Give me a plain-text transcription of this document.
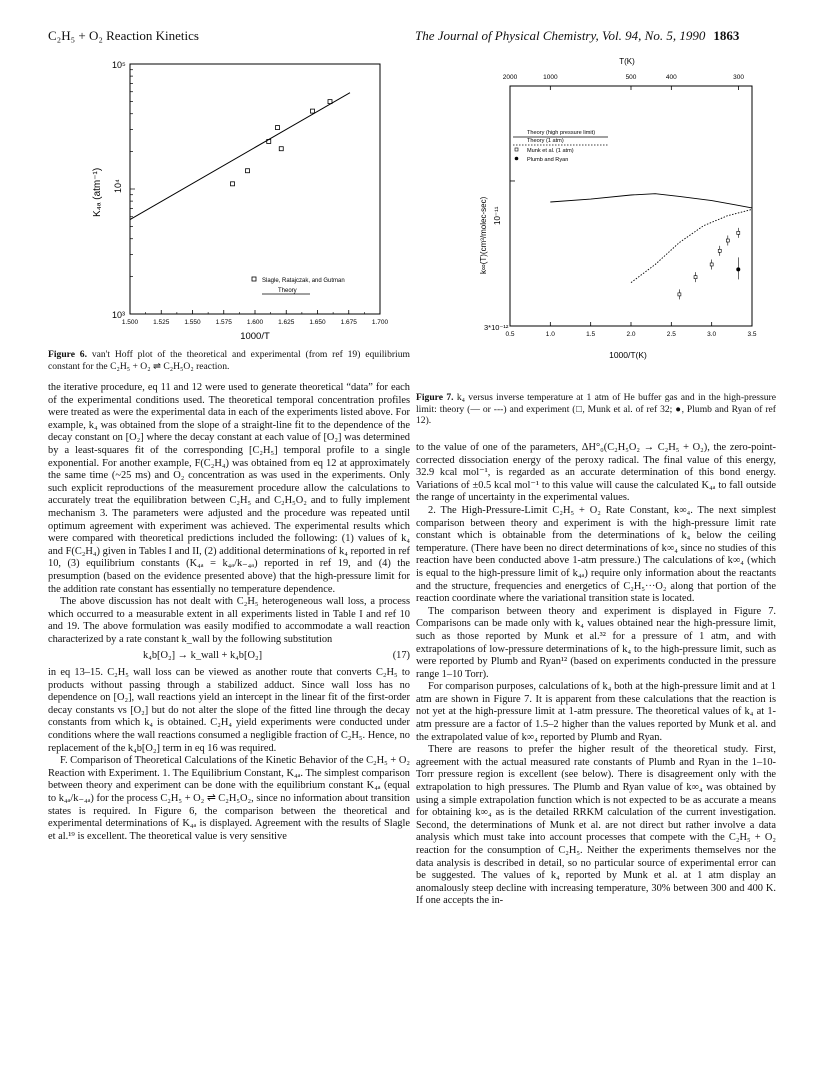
C₂H₅ + O₂ Reaction Kinetics	The Journal of Physical Chemistry, Vol. 94, No. 5, 1990 1863
1.500 1.525 1.550 1.575 1.600 1.625 1.650 1.675 1.700
10⁵
10⁴
10³
K₄ₐ (atm⁻¹)
1000/T
Slagle, Ratajczak, and Gutman
Theory
Figure 6. van't Hoff plot of the theoretical and experimental (from ref 19) equilibrium constant for the C₂H₅ + O₂ ⇌ C₂H₅O₂ reaction.
0.5	1.0	1.5	2.0	2.5	3.0	3.5
2000	1000	500	400	300
T(K)
10⁻¹¹
3*10⁻¹²
k∞(T)(cm³/molec-sec)
1000/T(K)
Theory (high pressure limit)
Theory (1 atm)
Munk et al. (1 atm)
Plumb and Ryan
Figure 7. k₄ versus inverse temperature at 1 atm of He buffer gas and in the high-pressure limit: theory (— or ---) and experiment (□, Munk et al. of ref 32; ●, Plumb and Ryan of ref 12).

the iterative procedure, eq 11 and 12 were used to generate theoretical “data” for each of the experimental conditions used. The theoretical temporal concentration profiles were treated as were the experimental data in each of the experiments listed above. For example, k₄ was obtained from the slope of a straight-line fit to the dependence of the decay constant on [O₂] where the decay constant at each value of [O₂] was determined by a least-squares fit of the corresponding [C₂H₅] temporal profile to a single exponential. For another example, F(C₂H₄) was obtained from eq 12 at approximately the same time (~25 ms) and O₂ concentration as was used in the experiments. Only such explicit reproductions of the measurement procedure allow the calculations to accurately treat the equilibration between C₂H₅ and C₂H₅O₂ and to fully implement mechanism 3. The parameters were adjusted and the procedure was repeated until optimum agreement with experiment was achieved. The experimental results which were compared with theoretical predictions included the following: (1) values of k₄ and F(C₂H₄) given in Tables I and II, (2) additional determinations of k₄ reported in ref 10, (3) equilibrium constants (K₄ₐ = k₄ₐ/k₋₄ₐ) reported in ref 19, and (4) the presumption (based on the evidence presented above) that the high-pressure limit for the addition rate constant has essentially no temperature dependence.

The above discussion has not dealt with C₂H₅ heterogeneous wall loss, a process which occurred to a measurable extent in all experiments listed in Table I and ref 10 and 19. The above formulation was easily modified to accommodate a wall reaction characterized by a rate constant k_wall by the following substitution

k₄b[O₂] → k_wall + k₄b[O₂]	(17)

in eq 13–15. C₂H₅ wall loss can be viewed as another route that converts C₂H₅ to products without passing through a stabilized adduct. Since wall loss has no dependence on [O₂], wall reactions yield an intercept in the linear fit of the first-order decay constants vs [O₂] but do not alter the slope of the fitted line through the decay constants from which k₄ is obtained. C₂H₄ yield experiments were conducted under conditions where the wall reactions consumed a negligible fraction of C₂H₅. Hence, no replacement of the k₄b[O₂] term in eq 16 was required.

F. Comparison of Theoretical Calculations of the Kinetic Behavior of the C₂H₅ + O₂ Reaction with Experiment. 1. The Equilibrium Constant, K₄ₐ. The simplest comparison between theory and experiment can be done with the equilibrium constant K₄ₐ (equal to k₄ₐ/k₋₄ₐ) for the process C₂H₅ + O₂ ⇌ C₂H₅O₂, since no information about transition states is required. In Figure 6, the comparison between the theoretical and experimental determinations of K₄ₐ is displayed. Agreement with the results of Slagle et al.¹⁹ is excellent. The theoretical value is very sensitive

to the value of one of the parameters, ΔH°₀(C₂H₅O₂ → C₂H₅ + O₂), the zero-point-corrected dissociation energy of the peroxy radical. The final value of this energy, 32.9 kcal mol⁻¹, is regarded as an accurate determination of this bond energy. Variations of ±0.5 kcal mol⁻¹ to this value will cause the calculated K₄ₐ to fall outside the range of uncertainty in the experimental values.

2. The High-Pressure-Limit C₂H₅ + O₂ Rate Constant, k∞₄. The next simplest comparison between theory and experiment is with the high-pressure limit rate constant which is obtainable from the determinations of k₄ below the ceiling temperature. (There have been no direct determinations of k∞₄ since no studies of this reaction have been conducted above 1-atm pressure.) The calculations of k∞₄ (which is equal to the high-pressure limit of k₄ₐ) require only information about the reactants and the structure, frequencies and energetics of C₂H₅···O₂ along that portion of the reaction coordinate where the variational transition state is located.

The comparison between theory and experiment is displayed in Figure 7. Comparisons can be made only with k₄ values obtained near the high-pressure limit, such as those reported by Munk et al.³² for a pressure of 1 atm, and with extrapolations of low-pressure determinations of k₄ to the high-pressure limit, such as were reported by Plumb and Ryan¹² (based on experiments conducted in the pressure range 1–10 Torr).

For comparison purposes, calculations of k₄ both at the high-pressure limit and at 1 atm are shown in Figure 7. It is apparent from these calculations that the reaction is not yet at the high-pressure limit at 1-atm pressure. The theoretical values of k₄ at 1-atm pressure are a factor of 1.5–2 higher than the values reported by Munk et al. and the extrapolated value of k∞₄ reported by Plumb and Ryan.

There are reasons to prefer the higher result of the theoretical study. First, agreement with the actual measured rate constants of Plumb and Ryan in the 1–10-Torr pressure region is excellent (see below). There is disagreement only with the extrapolation to high pressures. The Plumb and Ryan value of k∞₄ was obtained by using a simple extrapolation function which is not expected to be as accurate a means for obtaining k∞₄ as is the detailed RRKM calculation of the current investigation. Second, the determinations of Munk et al. are not direct but rather involve a data analysis which must take into account processes that compete with the C₂H₅ + O₂ reaction for the consumption of C₂H₅. Neither the experiments themselves nor the data analysis is described in detail, so no particular source of experimental error can be suggested. The values of k₄ reported by Munk et al. at 1 atm display an anomalously steep decline with increasing temperature, 30% between 300 and 400 K. If one accepts the in-
